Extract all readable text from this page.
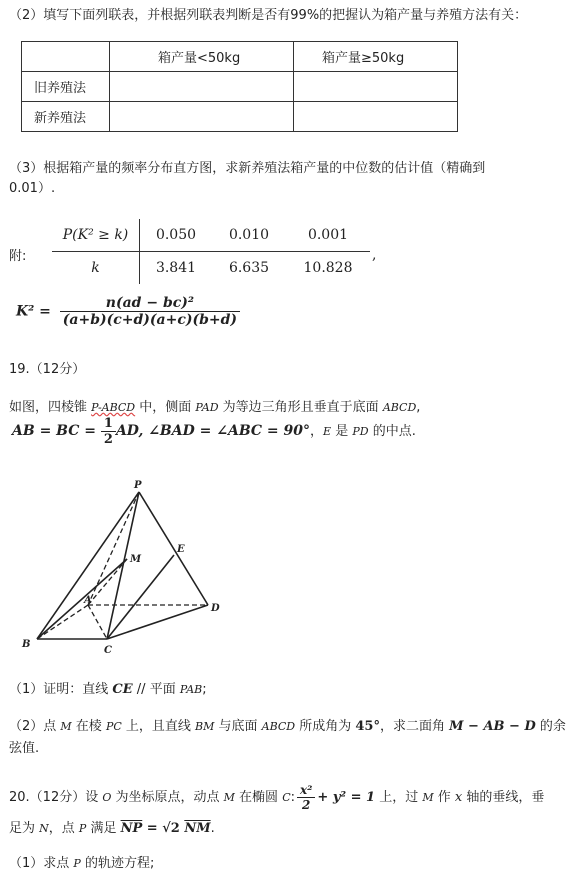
（2）填写下面列联表，并根据列联表判断是否有99%的把握认为箱产量与养殖方法有关：
	箱产量<50kg	箱产量≥50kg
旧养殖法		
新养殖法		
（3）根据箱产量的频率分布直方图，求新养殖法箱产量的中位数的估计值（精确到
0.01）.
附:
P(K² ≥ k)	0.050	0.010	0.001
k	3.841	6.635	10.828
,
$K^2 = \frac{\text{n(ad − bc)²}}{(a+b)(c+d)(a+c)(b+d)}$
19.（12分）
如图，四棱锥 P-ABCD 中，侧面 PAD 为等边三角形且垂直于底面 ABCD,
AB = BC = $\frac{1}{2}$ AD, ∠BAD = ∠ABC = 90°，E 是 PD 的中点.
P
M
E
A
D
B
C
（1）证明：直线 CE // 平面 PAB;
（2）点 M 在棱 PC 上，且直线 BM 与底面 ABCD 所成角为 45°，求二面角 M − AB − D 的余
弦值.
20.（12分）设 O 为坐标原点，动点 M 在椭圆 C: $\frac{\text{x²}}{2} + y^2 = 1$ 上，过 M 作 x 轴的垂线，垂
足为 N，点 P 满足 $\overline{NP} = √2$ $\overline{NM}$.
（1）求点 P 的轨迹方程;
